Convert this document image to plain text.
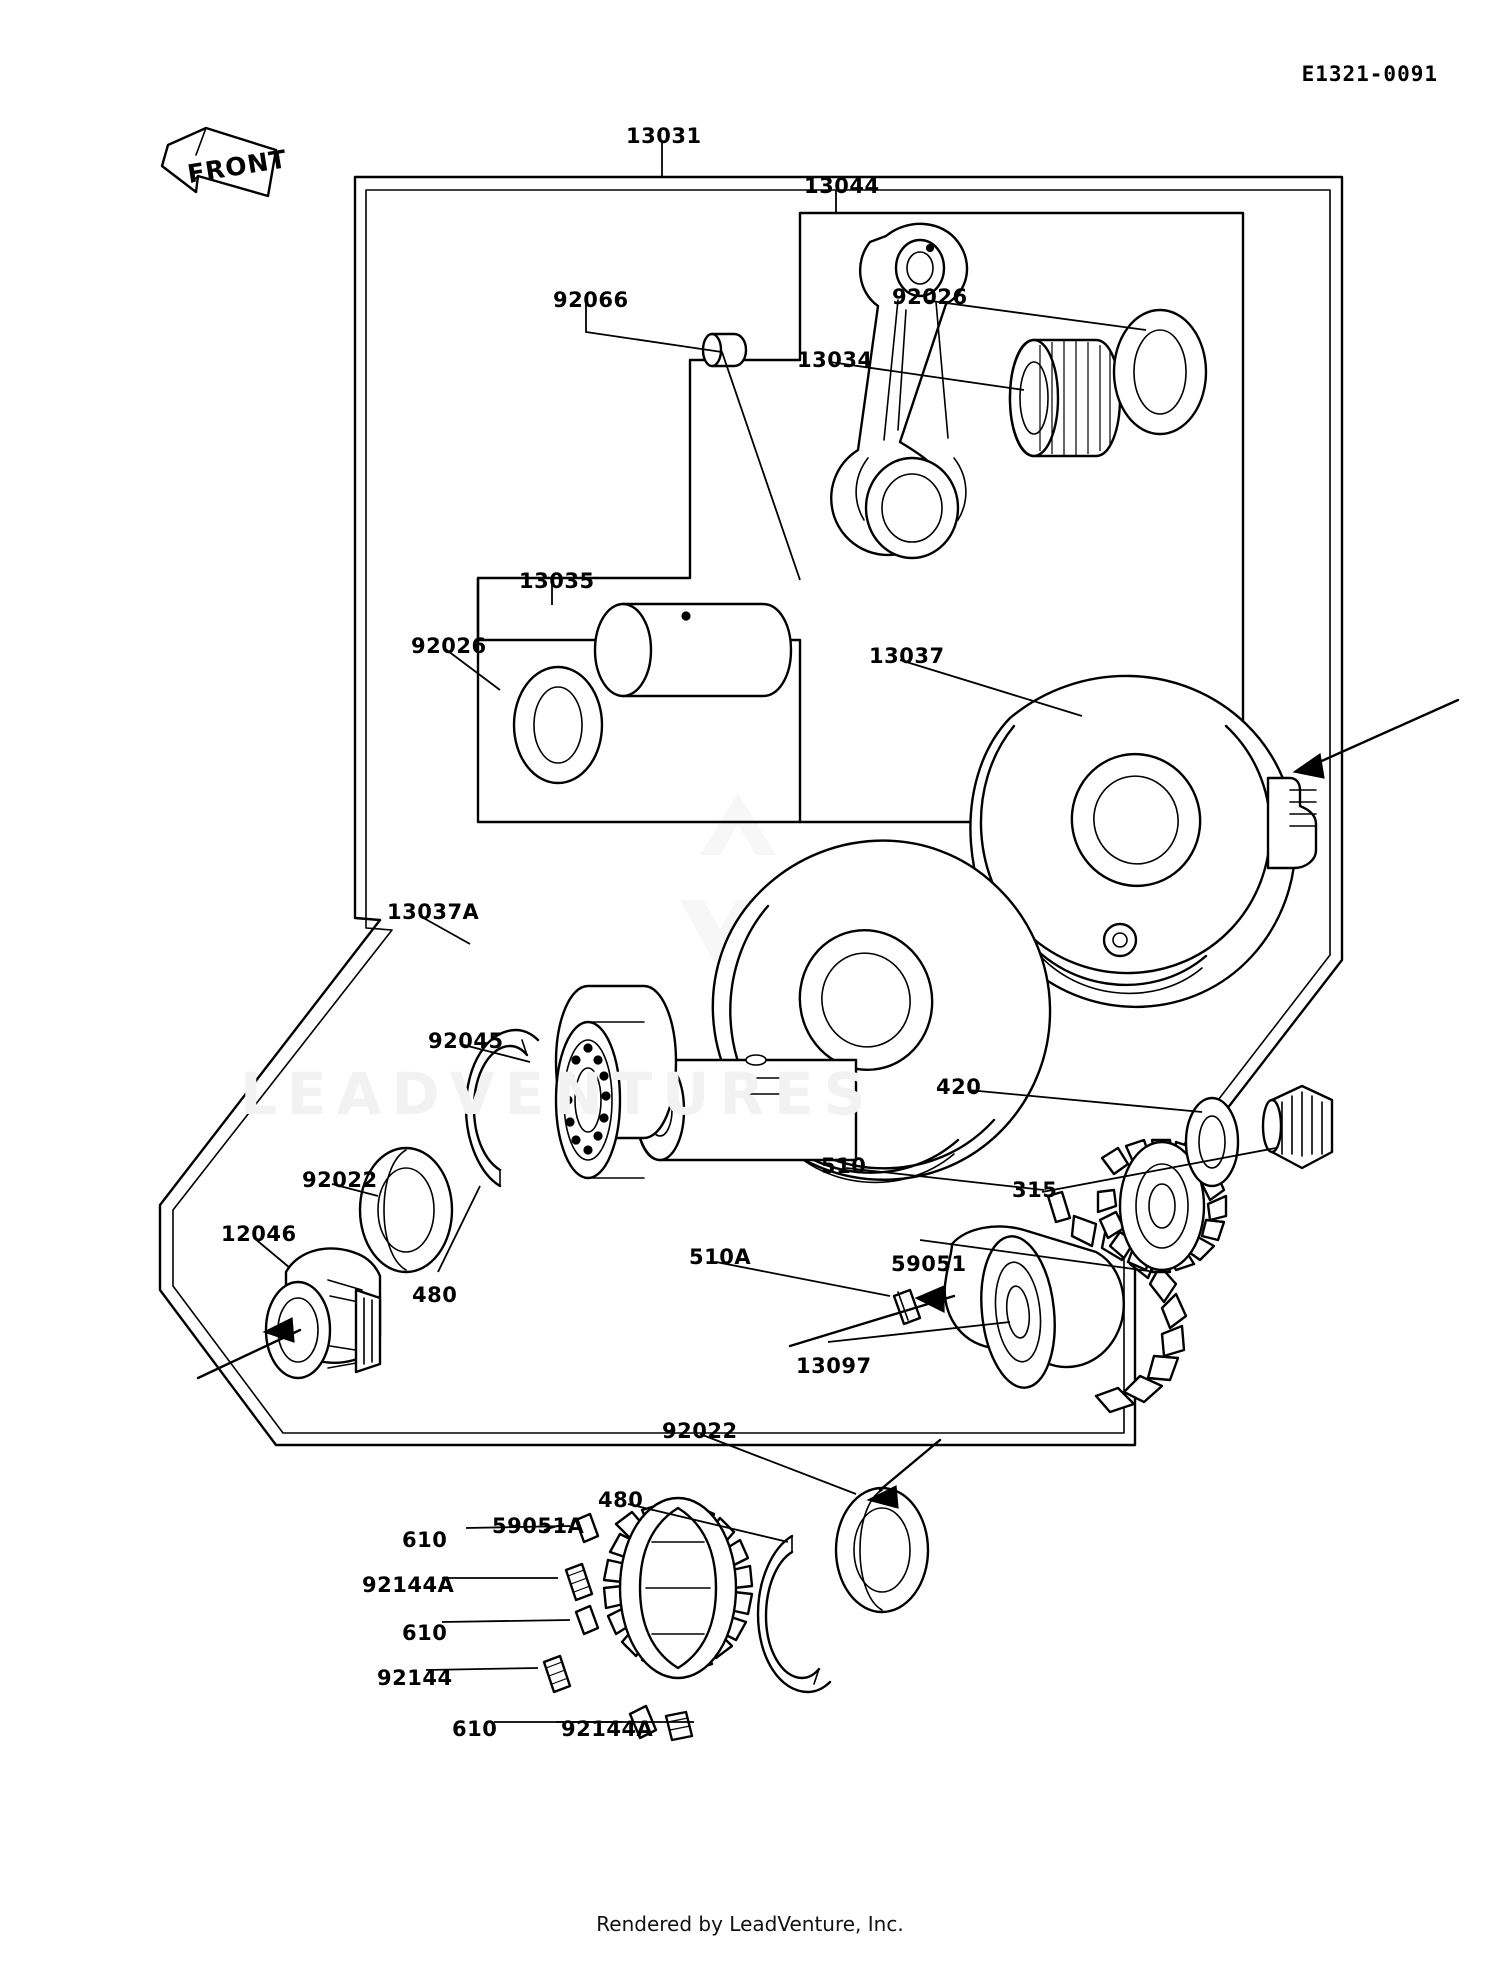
E1321-0091
FRONT
LEADVENTURES
13031
13044
92066
13034
92026
13035
92026	13037
13037A
92045
420
510
315
92022
12046
59051
480
510A
13097
92022
480
59051A
610
92144A
610
92144
610	92144A
Rendered by LeadVenture, Inc.
